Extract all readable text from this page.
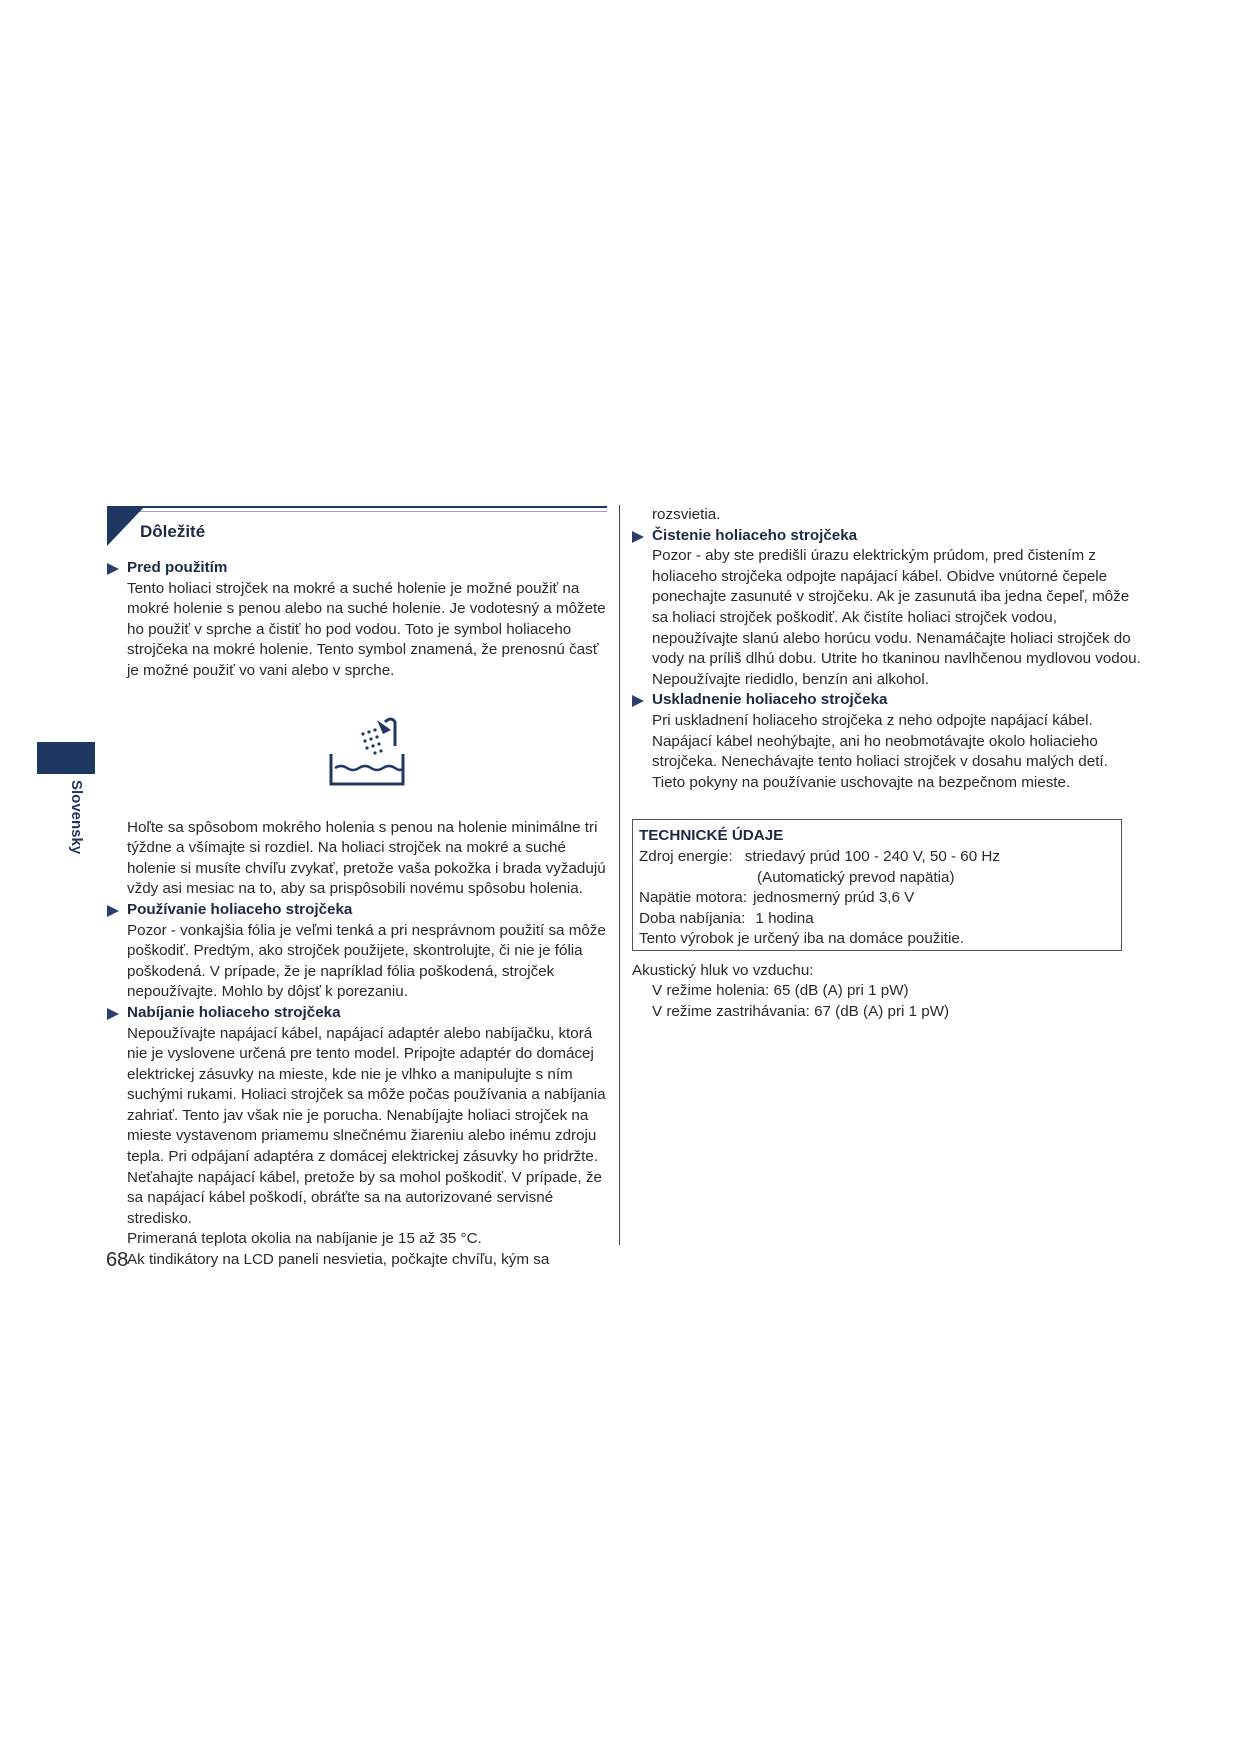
Slovensky
Dôležité
Pred použitím

Tento holiaci strojček na mokré a suché holenie je možné použiť na mokré holenie s penou alebo na suché holenie. Je vodotesný a môžete ho použiť v sprche a čistiť ho pod vodou. Toto je symbol holiaceho strojčeka na mokré holenie. Tento symbol znamená, že prenosnú časť je možné použiť vo vani alebo v sprche.

Hoľte sa spôsobom mokrého holenia s penou na holenie minimálne tri týždne a všímajte si rozdiel. Na holiaci strojček na mokré a suché holenie si musíte chvíľu zvykať, pretože vaša pokožka i brada vyžadujú vždy asi mesiac na to, aby sa prispôsobili novému spôsobu holenia.

Používanie holiaceho strojčeka

Pozor - vonkajšia fólia je veľmi tenká a pri nesprávnom použití sa môže poškodiť. Predtým, ako strojček použijete, skontrolujte, či nie je fólia poškodená. V prípade, že je napríklad fólia poškodená, strojček nepoužívajte. Mohlo by dôjsť k porezaniu.

Nabíjanie holiaceho strojčeka

Nepoužívajte napájací kábel, napájací adaptér alebo nabíjačku, ktorá nie je vyslovene určená pre tento model. Pripojte adaptér do domácej elektrickej zásuvky na mieste, kde nie je vlhko a manipulujte s ním suchými rukami. Holiaci strojček sa môže počas používania a nabíjania zahriať. Tento jav však nie je porucha. Nenabíjajte holiaci strojček na mieste vystavenom priamemu slnečnému žiareniu alebo inému zdroju tepla. Pri odpájaní adaptéra z domácej elektrickej zásuvky ho pridržte. Neťahajte napájací kábel, pretože by sa mohol poškodiť. V prípade, že sa napájací kábel poškodí, obráťte sa na autorizované servisné stredisko.

Primeraná teplota okolia na nabíjanie je 15 až 35 °C.

Ak tindikátory na LCD paneli nesvietia, počkajte chvíľu, kým sa

rozsvietia.

Čistenie holiaceho strojčeka

Pozor - aby ste predišli úrazu elektrickým prúdom, pred čistením z holiaceho strojčeka odpojte napájací kábel. Obidve vnútorné čepele ponechajte zasunuté v strojčeku. Ak je zasunutá iba jedna čepeľ, môže sa holiaci strojček poškodiť. Ak čistíte holiaci strojček vodou, nepoužívajte slanú alebo horúcu vodu. Nenamáčajte holiaci strojček do vody na príliš dlhú dobu. Utrite ho tkaninou navlhčenou mydlovou vodou. Nepoužívajte riedidlo, benzín ani alkohol.

Uskladnenie holiaceho strojčeka

Pri uskladnení holiaceho strojčeka z neho odpojte napájací kábel. Napájací kábel neohýbajte, ani ho neobmotávajte okolo holiacieho strojčeka. Nenechávajte tento holiaci strojček v dosahu malých detí. Tieto pokyny na používanie uschovajte na bezpečnom mieste.

TECHNICKÉ ÚDAJE
Zdroj energie: striedavý prúd 100 - 240 V, 50 - 60 Hz
(Automatický prevod napätia)
Napätie motora: jednosmerný prúd 3,6 V
Doba nabíjania: 1 hodina
Tento výrobok je určený iba na domáce použitie.
Akustický hluk vo vzduchu:
V režime holenia: 65 (dB (A) pri 1 pW)
V režime zastrihávania: 67 (dB (A) pri 1 pW)
68
